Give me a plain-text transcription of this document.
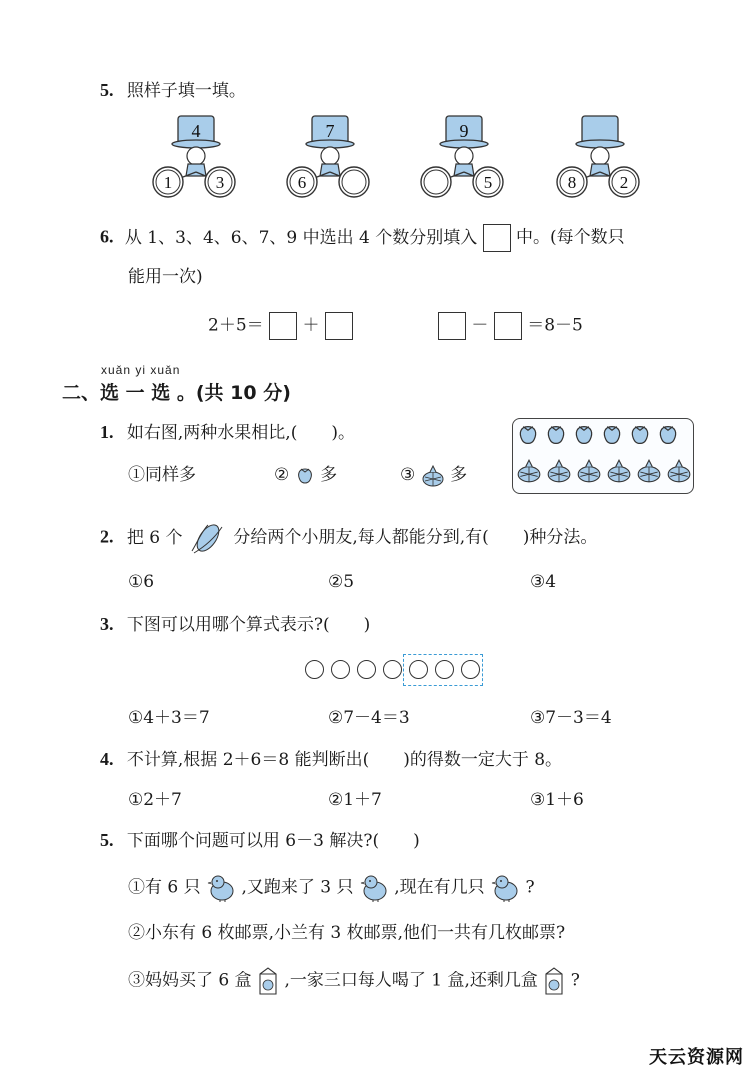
5. 照样子填一填。
4
1	3
7
6
9
5	8	2
6. 从 1、3、4、6、7、9 中选出 4 个数分别填入 中。(每个数只
能用一次)
2＋5＝ ＋	－ ＝8－5
xuǎn yi xuǎn
二、选 一 选 。(共 10 分)
1. 如右图,两种水果相比,(　　)。
①同样多	② 多	③ 多
2. 把 6 个	分给两个小朋友,每人都能分到,有(　　)种分法。
①6	②5	③4
3. 下图可以用哪个算式表示?(　　)
①4＋3＝7	②7－4＝3	③7－3＝4
4. 不计算,根据 2＋6＝8 能判断出(　　)的得数一定大于 8。
①2＋7	②1＋7	③1＋6
5. 下面哪个问题可以用 6－3 解决?(　　)
①有 6 只 ,又跑来了 3 只 ,现在有几只 ?
②小东有 6 枚邮票,小兰有 3 枚邮票,他们一共有几枚邮票?
③妈妈买了 6 盒 ,一家三口每人喝了 1 盒,还剩几盒 ?
天云资源网
